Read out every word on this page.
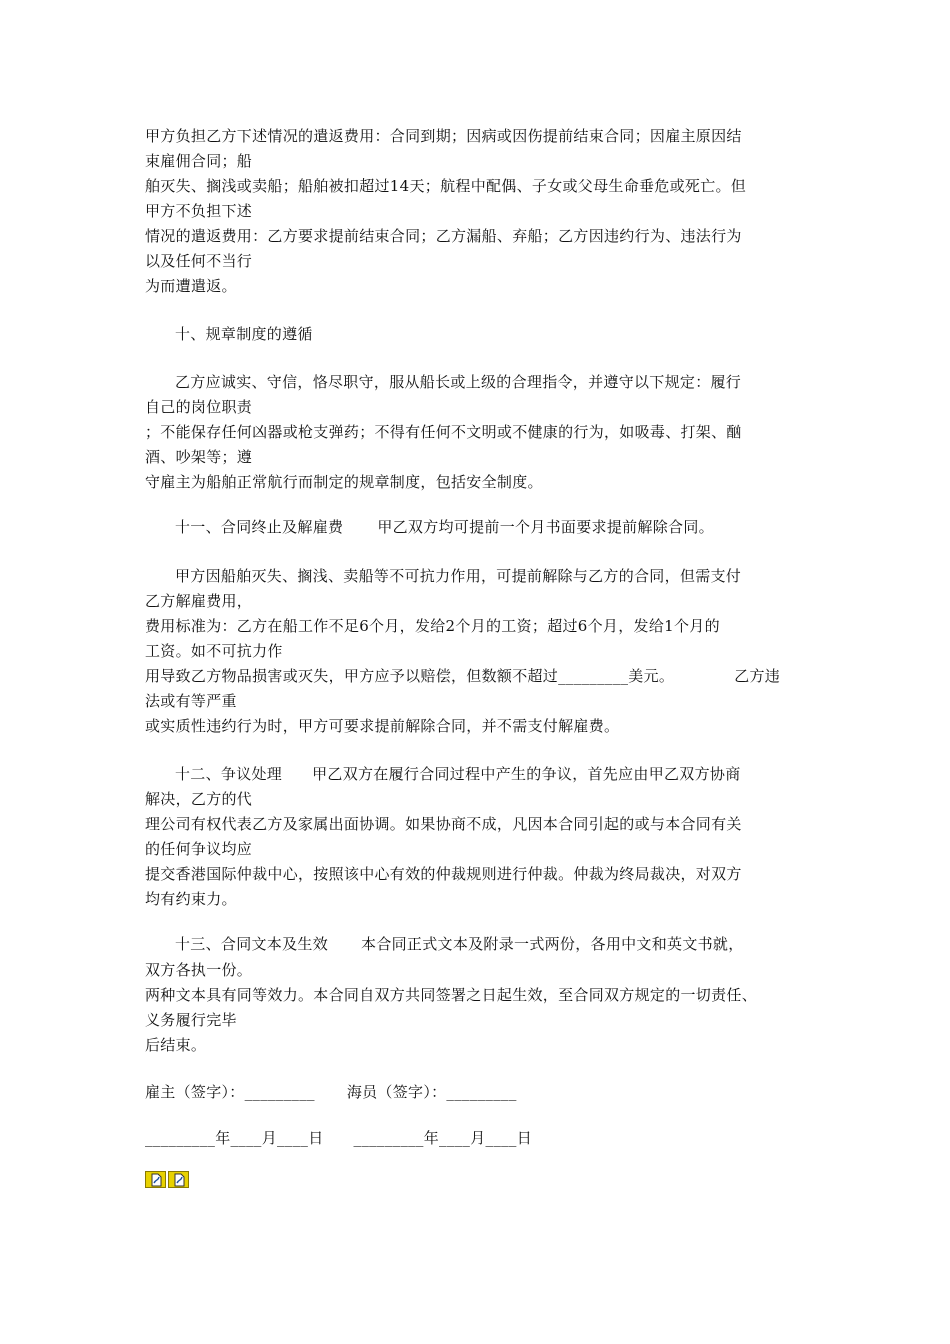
甲方负担乙方下述情况的遣返费用：合同到期；因病或因伤提前结束合同；因雇主原因结
束雇佣合同；船
舶灭失、搁浅或卖船；船舶被扣超过14天；航程中配偶、子女或父母生命垂危或死亡。但
甲方不负担下述
情况的遣返费用：乙方要求提前结束合同；乙方漏船、弃船；乙方因违约行为、违法行为
以及任何不当行
为而遭遣返。
十、规章制度的遵循
乙方应诚实、守信，恪尽职守，服从船长或上级的合理指令，并遵守以下规定：履行
自己的岗位职责
；不能保存任何凶器或枪支弹药；不得有任何不文明或不健康的行为，如吸毒、打架、酗
酒、吵架等；遵
守雇主为船舶正常航行而制定的规章制度，包括安全制度。
十一、合同终止及解雇费 甲乙双方均可提前一个月书面要求提前解除合同。
甲方因船舶灭失、搁浅、卖船等不可抗力作用，可提前解除与乙方的合同，但需支付
乙方解雇费用，
费用标准为：乙方在船工作不足6个月，发给2个月的工资；超过6个月，发给1个月的
工资。如不可抗力作
用导致乙方物品损害或灭失，甲方应予以赔偿，但数额不超过_________美元。	乙方违
法或有等严重
或实质性违约行为时，甲方可要求提前解除合同，并不需支付解雇费。
十二、争议处理 甲乙双方在履行合同过程中产生的争议，首先应由甲乙双方协商
解决，乙方的代
理公司有权代表乙方及家属出面协调。如果协商不成，凡因本合同引起的或与本合同有关
的任何争议均应
提交香港国际仲裁中心，按照该中心有效的仲裁规则进行仲裁。仲裁为终局裁决，对双方
均有约束力。
十三、合同文本及生效 本合同正式文本及附录一式两份，各用中文和英文书就，
双方各执一份。
两种文本具有同等效力。本合同自双方共同签署之日起生效，至合同双方规定的一切责任、
义务履行完毕
后结束。
雇主（签字）：_________ 海员（签字）：_________
_________年____月____日 _________年____月____日
